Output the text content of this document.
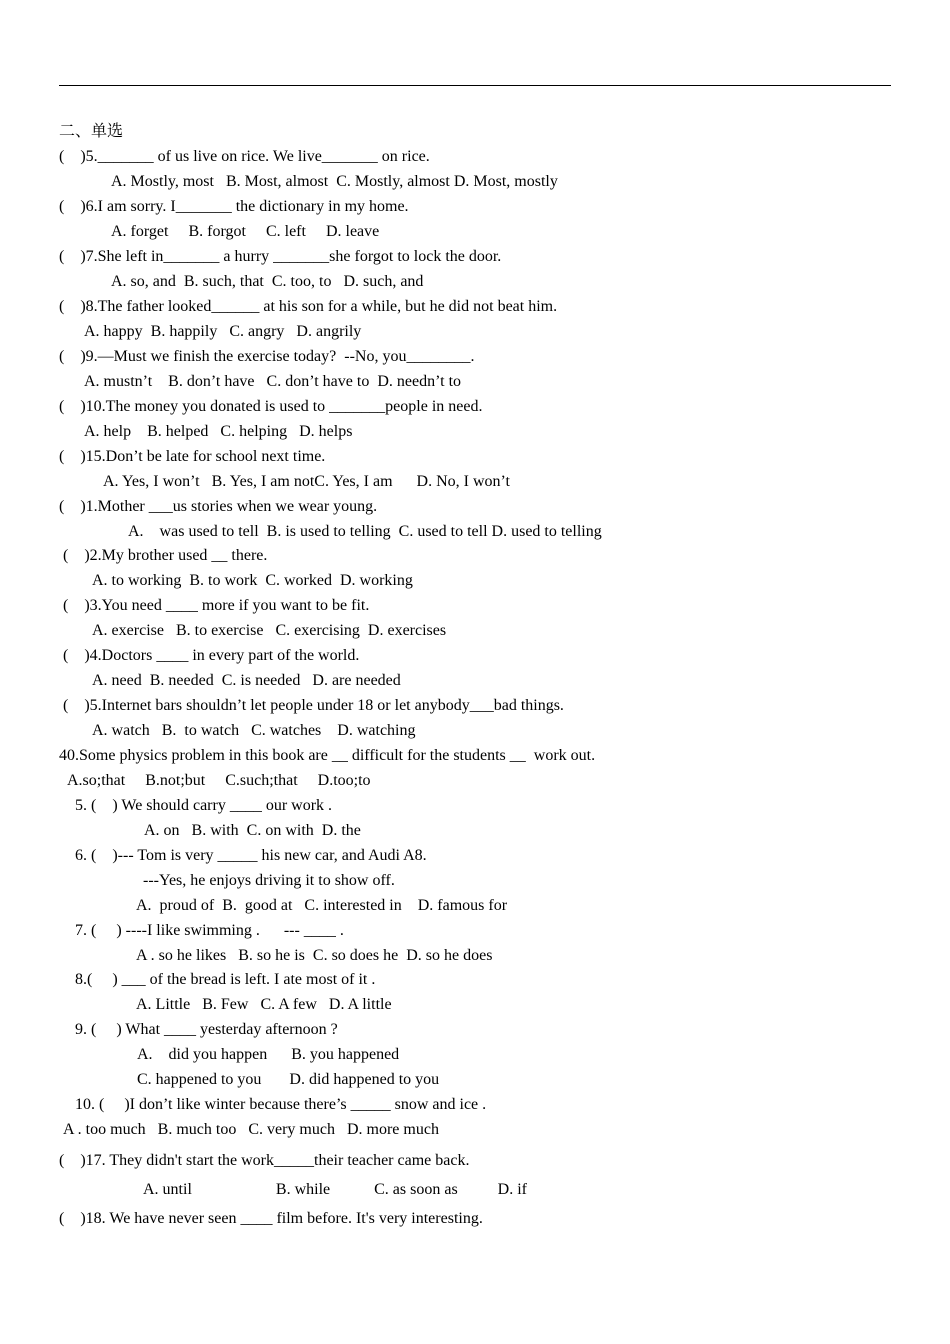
二、单选
(    )5._______ of us live on rice. We live_______ on rice.
A. Mostly, most   B. Most, almost  C. Mostly, almost D. Most, mostly
(    )6.I am sorry. I_______ the dictionary in my home.
A. forget     B. forgot     C. left     D. leave
(    )7.She left in_______ a hurry _______she forgot to lock the door.
A. so, and  B. such, that  C. too, to   D. such, and
(    )8.The father looked______ at his son for a while, but he did not beat him.
A. happy  B. happily   C. angry   D. angrily
(    )9.—Must we finish the exercise today?  --No, you________.
A. mustn’t    B. don’t have   C. don’t have to  D. needn’t to
(    )10.The money you donated is used to _______people in need.
A. help    B. helped   C. helping   D. helps
(    )15.Don’t be late for school next time.
A. Yes, I won’t   B. Yes, I am notC. Yes, I am      D. No, I won’t
(    )1.Mother ___us stories when we wear young.
A.    was used to tell  B. is used to telling  C. used to tell D. used to telling
(    )2.My brother used __ there.
A. to working  B. to work  C. worked  D. working
(    )3.You need ____ more if you want to be fit.
A. exercise   B. to exercise   C. exercising  D. exercises
(    )4.Doctors ____ in every part of the world.
A. need  B. needed  C. is needed   D. are needed
(    )5.Internet bars shouldn’t let people under 18 or let anybody___bad things.
A. watch   B.  to watch   C. watches    D. watching
40.Some physics problem in this book are __ difficult for the students __  work out.
A.so;that     B.not;but     C.such;that     D.too;to
5. (    ) We should carry ____ our work .
A. on   B. with  C. on with  D. the
6. (    )--- Tom is very _____ his new car, and Audi A8.
---Yes, he enjoys driving it to show off.
A.  proud of  B.  good at   C. interested in    D. famous for
7. (     ) ----I like swimming .      --- ____ .
A . so he likes   B. so he is  C. so does he  D. so he does
8.(     ) ___ of the bread is left. I ate most of it .
A. Little   B. Few   C. A few   D. A little
9. (     ) What ____ yesterday afternoon ?
A.    did you happen      B. you happened
C. happened to you       D. did happened to you
10. (     )I don’t like winter because there’s _____ snow and ice .
A . too much   B. much too   C. very much   D. more much
(    )17. They didn't start the work_____their teacher came back.
A. until                     B. while           C. as soon as          D. if
(    )18. We have never seen ____ film before. It's very interesting.
